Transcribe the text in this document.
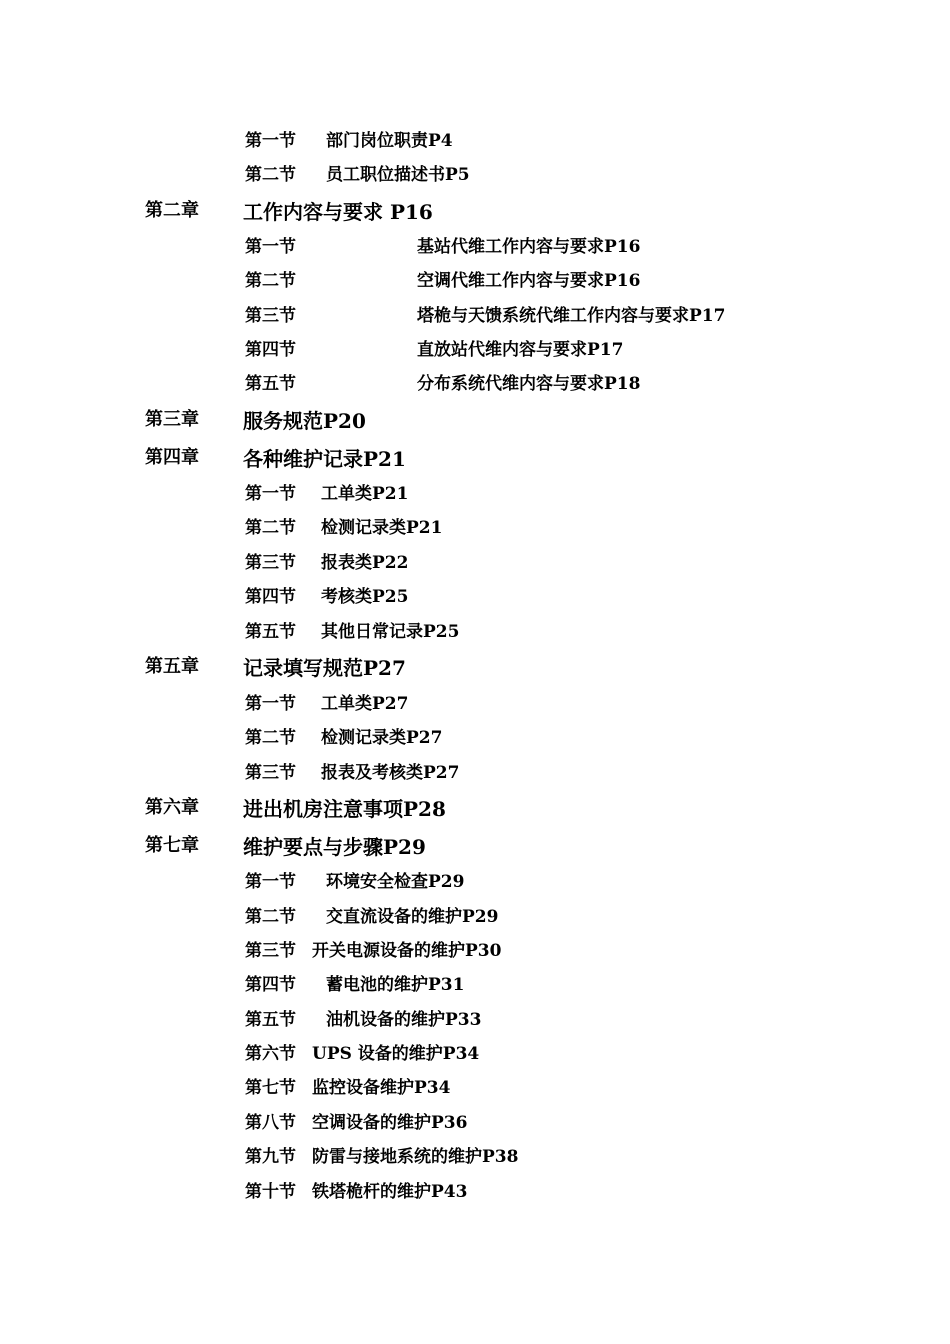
第一节 部门岗位职责P4
第二节 员工职位描述书P5
第二章 工作内容与要求 P16
第一节	基站代维工作内容与要求P16
第二节	空调代维工作内容与要求P16
第三节	塔桅与天馈系统代维工作内容与要求P17
第四节	直放站代维内容与要求P17
第五节	分布系统代维内容与要求P18
第三章 服务规范P20
第四章 各种维护记录P21
第一节 工单类P21
第二节 检测记录类P21
第三节 报表类P22
第四节 考核类P25
第五节 其他日常记录P25
第五章 记录填写规范P27
第一节 工单类P27
第二节 检测记录类P27
第三节 报表及考核类P27
第六章 进出机房注意事项P28
第七章 维护要点与步骤P29
第一节 环境安全检查P29
第二节 交直流设备的维护P29
第三节 开关电源设备的维护P30
第四节 蓄电池的维护P31
第五节 油机设备的维护P33
第六节 UPS 设备的维护P34
第七节 监控设备维护P34
第八节 空调设备的维护P36
第九节 防雷与接地系统的维护P38
第十节 铁塔桅杆的维护P43
